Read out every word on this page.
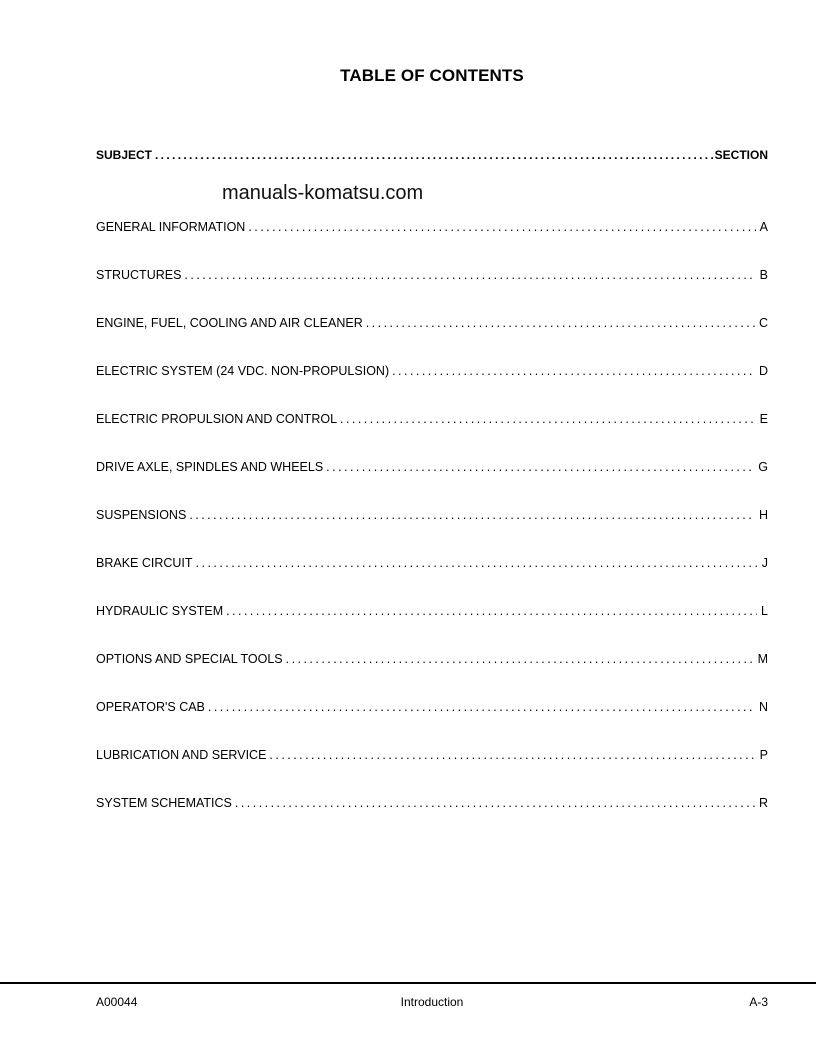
TABLE OF CONTENTS
SUBJECT . . .	SECTION
manuals-komatsu.com
GENERAL INFORMATION . . .	A
STRUCTURES . . .	B
ENGINE, FUEL, COOLING AND AIR CLEANER . . .	C
ELECTRIC SYSTEM (24 VDC. NON-PROPULSION) . . .	D
ELECTRIC PROPULSION AND CONTROL . . .	E
DRIVE AXLE, SPINDLES AND WHEELS . . .	G
SUSPENSIONS . . .	H
BRAKE CIRCUIT . . .	J
HYDRAULIC SYSTEM . . .	L
OPTIONS AND SPECIAL TOOLS . . .	M
OPERATOR'S CAB . . .	N
LUBRICATION AND SERVICE . . .	P
SYSTEM SCHEMATICS . . .	R
A00044	Introduction	A-3
